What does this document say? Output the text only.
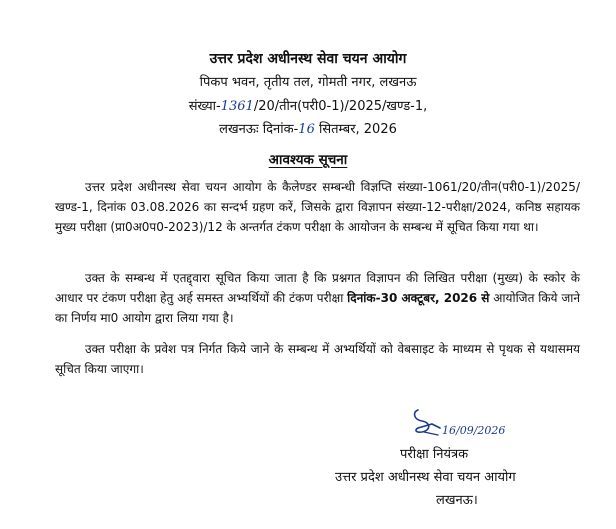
उत्तर प्रदेश अधीनस्थ सेवा चयन आयोग
पिकप भवन, तृतीय तल, गोमती नगर, लखनऊ
संख्या-1361/20/तीन(परी0-1)/2025/खण्ड-1,
लखनऊः दिनांक-16 सितम्बर, 2026
आवश्यक सूचना
उत्तर प्रदेश अधीनस्थ सेवा चयन आयोग के कैलेण्डर सम्बन्धी विज्ञप्ति संख्या-1061/20/तीन(परी0-1)/2025/ खण्ड-1, दिनांक 03.08.2026 का सन्दर्भ ग्रहण करें, जिसके द्वारा विज्ञापन संख्या-12-परीक्षा/2024, कनिष्ठ सहायक मुख्य परीक्षा (प्रा0अ0प0-2023)/12 के अन्तर्गत टंकण परीक्षा के आयोजन के सम्बन्ध में सूचित किया गया था।
उक्त के सम्बन्ध में एतद्द्वारा सूचित किया जाता है कि प्रश्नगत विज्ञापन की लिखित परीक्षा (मुख्य) के स्कोर के आधार पर टंकण परीक्षा हेतु अर्ह समस्त अभ्यर्थियों की टंकण परीक्षा दिनांक-30 अक्टूबर, 2026 से आयोजित किये जाने का निर्णय मा0 आयोग द्वारा लिया गया है।
उक्त परीक्षा के प्रवेश पत्र निर्गत किये जाने के सम्बन्ध में अभ्यर्थियों को वेबसाइट के माध्यम से पृथक से यथासमय सूचित किया जाएगा।
16/09/2026
परीक्षा नियंत्रक
उत्तर प्रदेश अधीनस्थ सेवा चयन आयोग
लखनऊ।
